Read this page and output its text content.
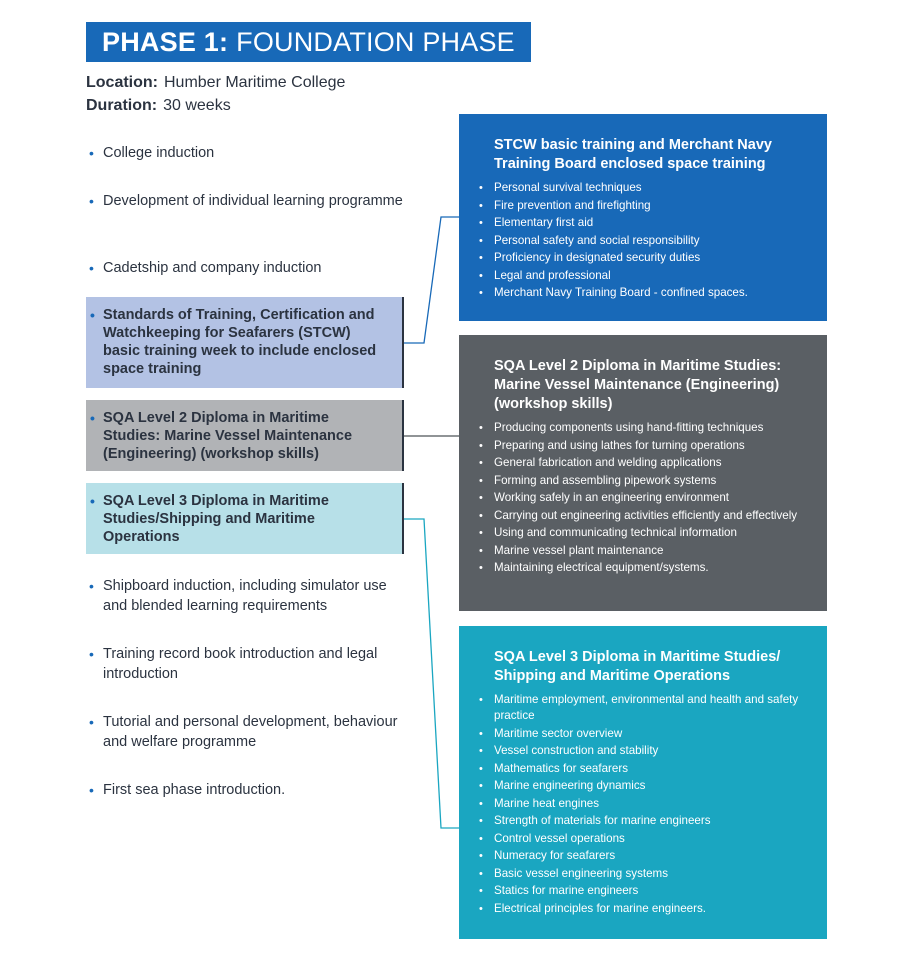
PHASE 1: FOUNDATION PHASE
Location: Humber Maritime College
Duration: 30 weeks
• College induction
• Development of individual learning programme
• Cadetship and company induction
• Standards of Training, Certification and Watchkeeping for Seafarers (STCW) basic training week to include enclosed space training
• SQA Level 2 Diploma in Maritime Studies: Marine Vessel Maintenance (Engineering) (workshop skills)
• SQA Level 3 Diploma in Maritime Studies/Shipping and Maritime Operations
• Shipboard induction, including simulator use and blended learning requirements
• Training record book introduction and legal introduction
• Tutorial and personal development, behaviour and welfare programme
• First sea phase introduction.
STCW basic training and Merchant Navy Training Board enclosed space training
• Personal survival techniques
• Fire prevention and firefighting
• Elementary first aid
• Personal safety and social responsibility
• Proficiency in designated security duties
• Legal and professional
• Merchant Navy Training Board - confined spaces.
SQA Level 2 Diploma in Maritime Studies: Marine Vessel Maintenance (Engineering) (workshop skills)
• Producing components using hand-fitting techniques
• Preparing and using lathes for turning operations
• General fabrication and welding applications
• Forming and assembling pipework systems
• Working safely in an engineering environment
• Carrying out engineering activities efficiently and effectively
• Using and communicating technical information
• Marine vessel plant maintenance
• Maintaining electrical equipment/systems.
SQA Level 3 Diploma in Maritime Studies/ Shipping and Maritime Operations
• Maritime employment, environmental and health and safety practice
• Maritime sector overview
• Vessel construction and stability
• Mathematics for seafarers
• Marine engineering dynamics
• Marine heat engines
• Strength of materials for marine engineers
• Control vessel operations
• Numeracy for seafarers
• Basic vessel engineering systems
• Statics for marine engineers
• Electrical principles for marine engineers.
